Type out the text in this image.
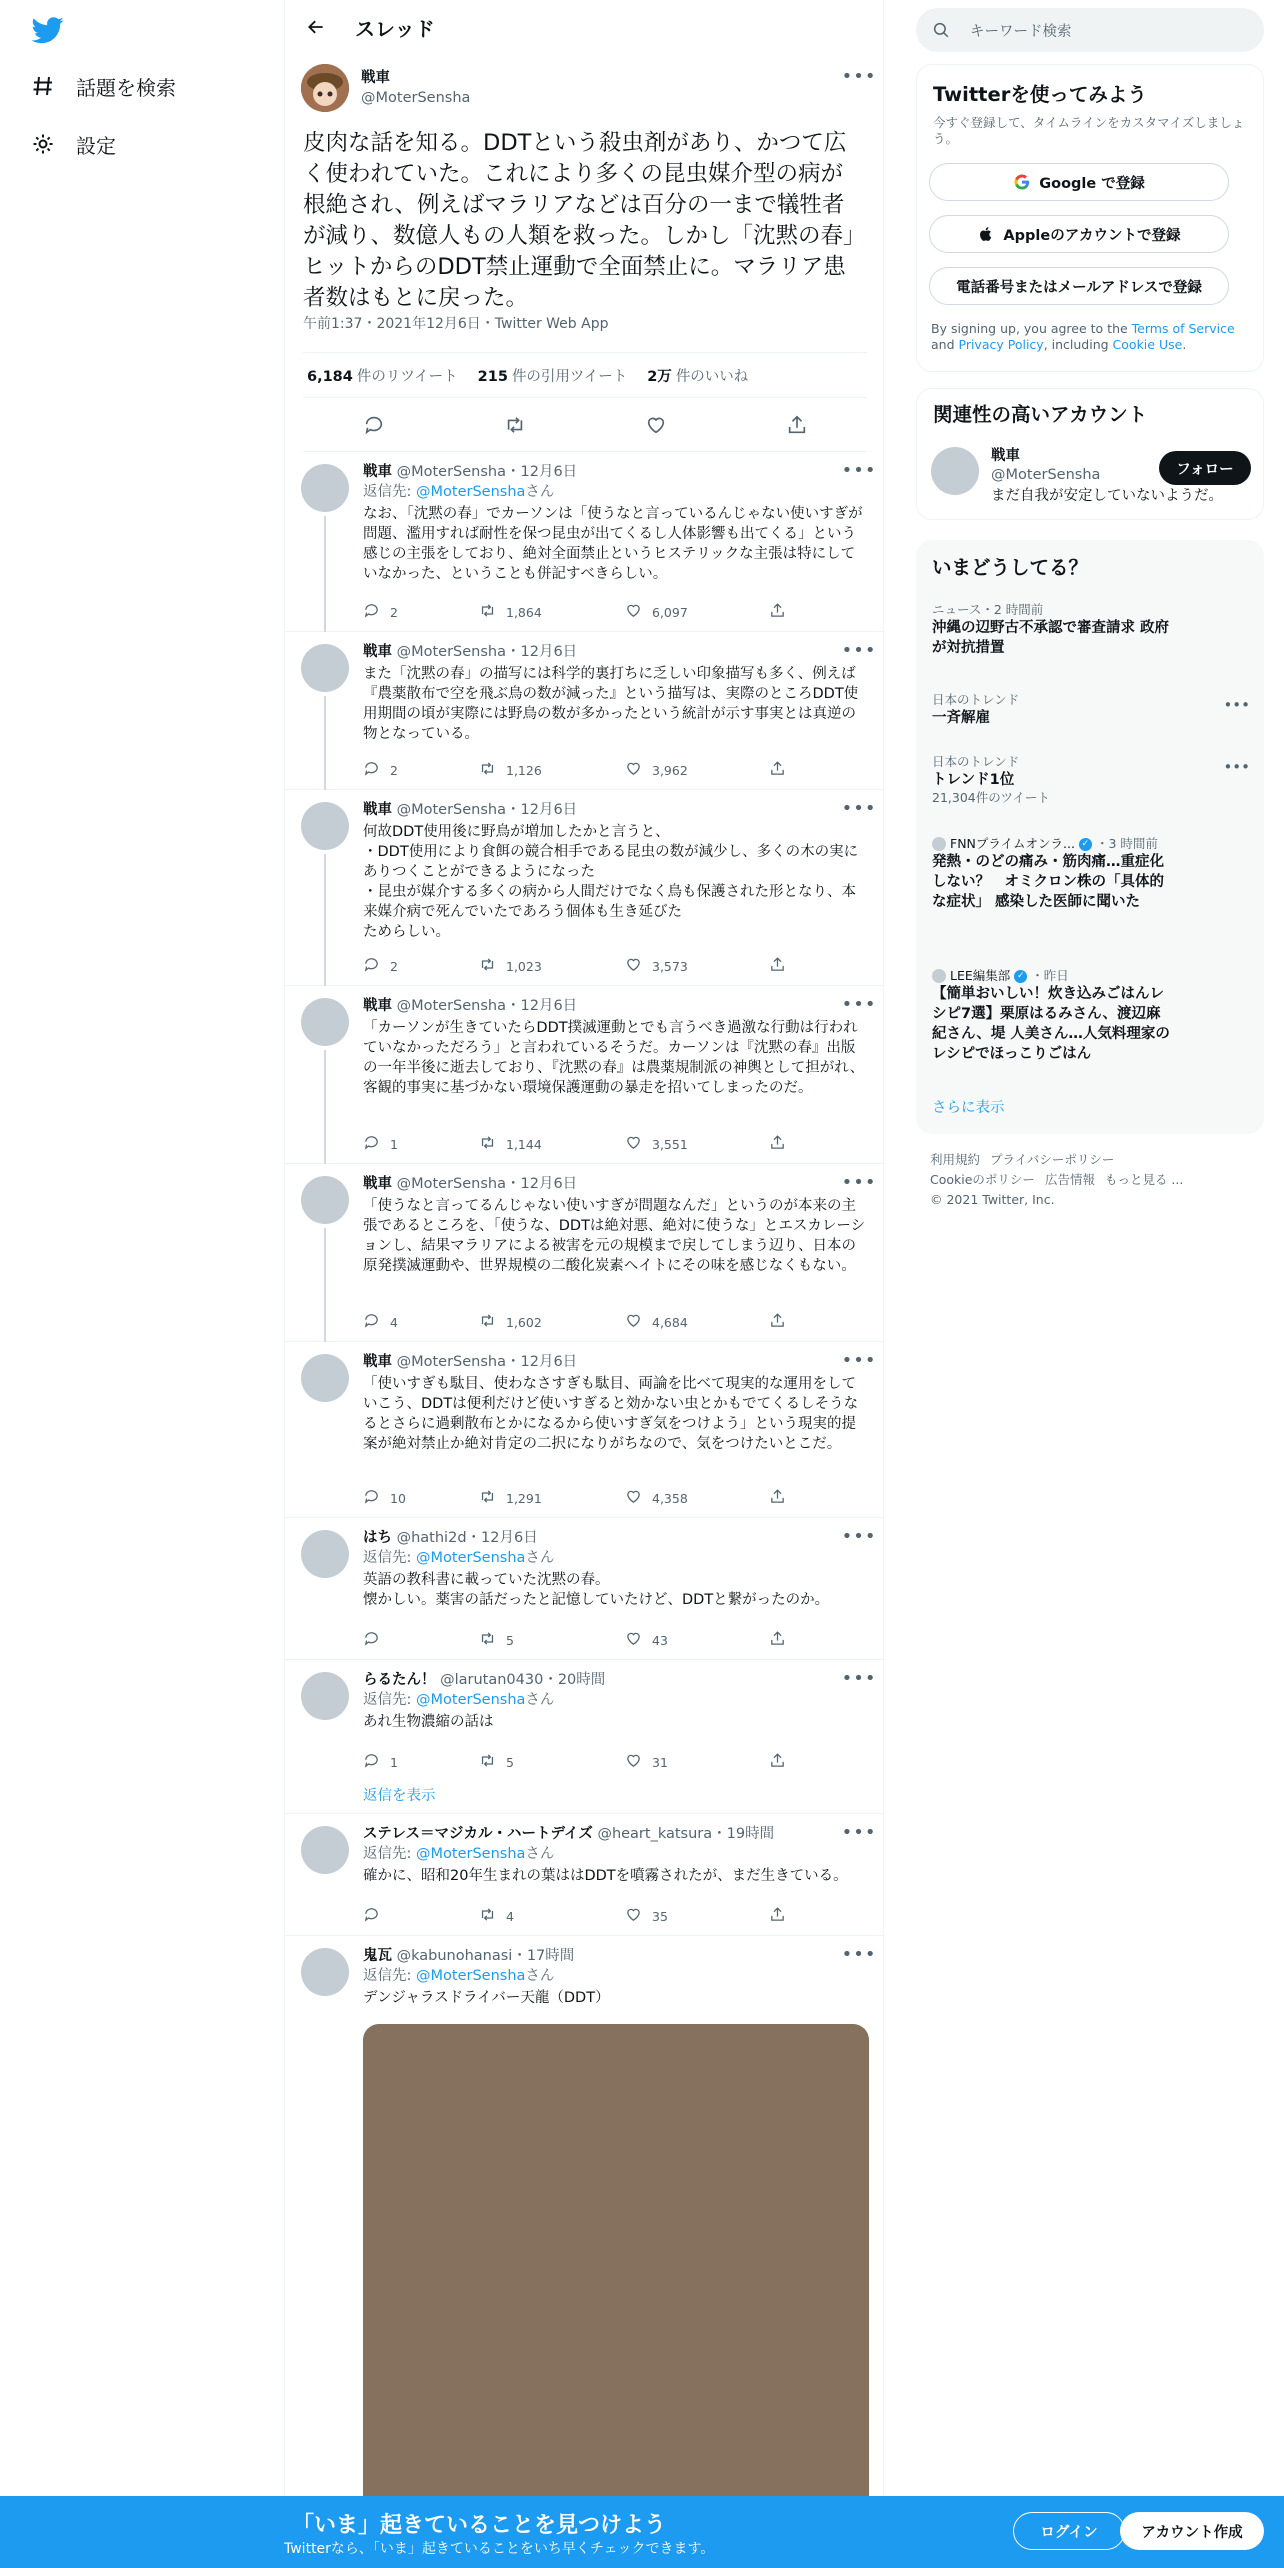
話題を検索
設定
スレッド
戦車
@MoterSensha
•••
皮肉な話を知る。DDTという殺虫剤があり、かつて広く使われていた。これにより多くの昆虫媒介型の病が根絶され、例えばマラリアなどは百分の一まで犠牲者が減り、数億人もの人類を救った。しかし「沈黙の春」ヒットからのDDT禁止運動で全面禁止に。マラリア患者数はもとに戻った。
午前1:37・2021年12月6日・Twitter Web App
6,184 件のリツイート 215 件の引用ツイート 2万 件のいいね
戦車 @MoterSensha・12月6日	•••
返信先: @MoterSenshaさん
なお、「沈黙の春」でカーソンは「使うなと言っているんじゃない使いすぎが問題、濫用すれば耐性を保つ昆虫が出てくるし人体影響も出てくる」という感じの主張をしており、絶対全面禁止というヒステリックな主張は特にしていなかった、ということも併記すべきらしい。
2	1,864	6,097
戦車 @MoterSensha・12月6日	•••
また「沈黙の春」の描写には科学的裏打ちに乏しい印象描写も多く、例えば『農薬散布で空を飛ぶ鳥の数が減った』という描写は、実際のところDDT使用期間の頃が実際には野鳥の数が多かったという統計が示す事実とは真逆の物となっている。
2	1,126	3,962
戦車 @MoterSensha・12月6日	•••
何故DDT使用後に野鳥が増加したかと言うと、
・DDT使用により食餌の競合相手である昆虫の数が減少し、多くの木の実にありつくことができるようになった
・昆虫が媒介する多くの病から人間だけでなく鳥も保護された形となり、本来媒介病で死んでいたであろう個体も生き延びた
ためらしい。
2	1,023	3,573
戦車 @MoterSensha・12月6日	•••
「カーソンが生きていたらDDT撲滅運動とでも言うべき過激な行動は行われていなかっただろう」と言われているそうだ。カーソンは『沈黙の春』出版の一年半後に逝去しており、『沈黙の春』は農薬規制派の神輿として担がれ、客観的事実に基づかない環境保護運動の暴走を招いてしまったのだ。
1	1,144	3,551
戦車 @MoterSensha・12月6日	•••
「使うなと言ってるんじゃない使いすぎが問題なんだ」というのが本来の主張であるところを、「使うな、DDTは絶対悪、絶対に使うな」とエスカレーションし、結果マラリアによる被害を元の規模まで戻してしまう辺り、日本の原発撲滅運動や、世界規模の二酸化炭素ヘイトにその味を感じなくもない。
4	1,602	4,684
戦車 @MoterSensha・12月6日	•••
「使いすぎも駄目、使わなさすぎも駄目、両論を比べて現実的な運用をしていこう、DDTは便利だけど使いすぎると効かない虫とかもでてくるしそうなるとさらに過剰散布とかになるから使いすぎ気をつけよう」という現実的提案が絶対禁止か絶対肯定の二択になりがちなので、気をつけたいとこだ。
10	1,291	4,358
はち @hathi2d・12月6日	•••
返信先: @MoterSenshaさん
英語の教科書に載っていた沈黙の春。
懐かしい。薬害の話だったと記憶していたけど、DDTと繋がったのか。
5	43
らるたん！ @larutan0430・20時間	•••
返信先: @MoterSenshaさん
あれ生物濃縮の話は
1	5	31
返信を表示
ステレス＝マジカル・ハートデイズ @heart_katsura・19時間	•••
返信先: @MoterSenshaさん
確かに、昭和20年生まれの葉ははDDTを噴霧されたが、まだ生きている。
4	35
鬼瓦 @kabunohanasi・17時間	•••
返信先: @MoterSenshaさん
デンジャラスドライバー天龍（DDT）
キーワード検索
Twitterを使ってみよう
今すぐ登録して、タイムラインをカスタマイズしましょう。
Google で登録
Appleのアカウントで登録
電話番号またはメールアドレスで登録
By signing up, you agree to the Terms of Service and Privacy Policy, including Cookie Use.
関連性の高いアカウント
戦車
@MoterSensha
まだ自我が安定していないようだ。
フォロー
いまどうしてる？
ニュース・2 時間前
沖縄の辺野古不承認で審査請求 政府が対抗措置
日本のトレンド
一斉解雇
•••
日本のトレンド
トレンド1位
21,304件のツイート
•••
FNNプライムオンラ... ✓ ・3 時間前
発熱・のどの痛み・筋肉痛…重症化しない？　オミクロン株の「具体的な症状」 感染した医師に聞いた
LEE編集部 ✓ ・昨日
【簡単おいしい！炊き込みごはんレシピ7選】栗原はるみさん、渡辺麻紀さん、堤 人美さん…人気料理家のレシピでほっこりごはん
さらに表示
利用規約 プライバシーポリシー
Cookieのポリシー 広告情報 もっと見る ...
© 2021 Twitter, Inc.
「いま」起きていることを見つけよう
Twitterなら、「いま」起きていることをいち早くチェックできます。
ログイン	アカウント作成
